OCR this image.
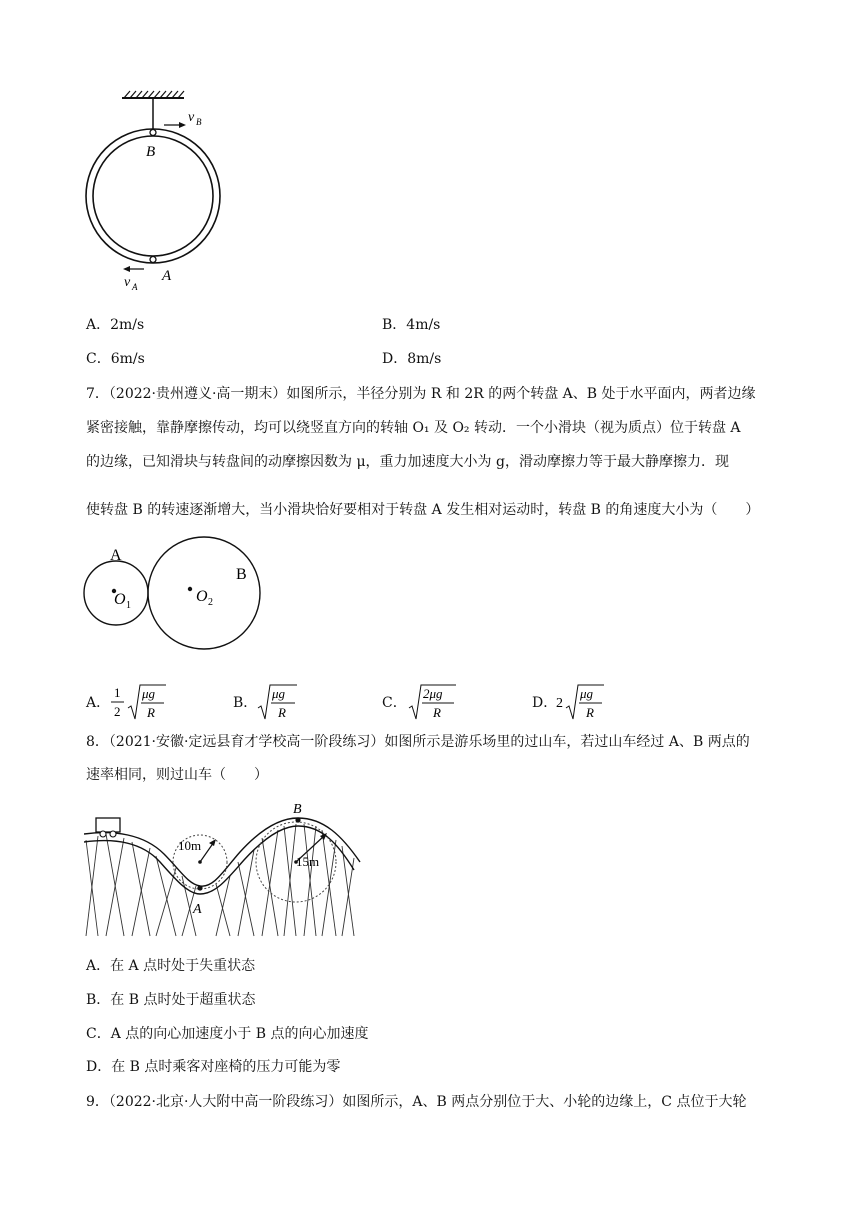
v B
B
A
v A
A．2m/s	B．4m/s
C．6m/s	D．8m/s
7．（2022·贵州遵义·高一期末）如图所示，半径分别为 R 和 2R 的两个转盘 A、B 处于水平面内，两者边缘
紧密接触，靠静摩擦传动，均可以绕竖直方向的转轴 O₁ 及 O₂ 转动．一个小滑块（视为质点）位于转盘 A
的边缘，已知滑块与转盘间的动摩擦因数为 μ，重力加速度大小为 g，滑动摩擦力等于最大静摩擦力．现
使转盘 B 的转速逐渐增大，当小滑块恰好要相对于转盘 A 发生相对运动时，转盘 B 的角速度大小为（　　）
A
B
O 1
O 2
A．
1
2
μg
R
B．
μg
R
C．
2μg
R
D．
2
μg
R
8．（2021·安徽·定远县育才学校高一阶段练习）如图所示是游乐场里的过山车，若过山车经过 A、B 两点的
速率相同，则过山车（　　）
10m
15m
A
B
A．在 A 点时处于失重状态
B．在 B 点时处于超重状态
C．A 点的向心加速度小于 B 点的向心加速度
D．在 B 点时乘客对座椅的压力可能为零
9．（2022·北京·人大附中高一阶段练习）如图所示，A、B 两点分别位于大、小轮的边缘上，C 点位于大轮
